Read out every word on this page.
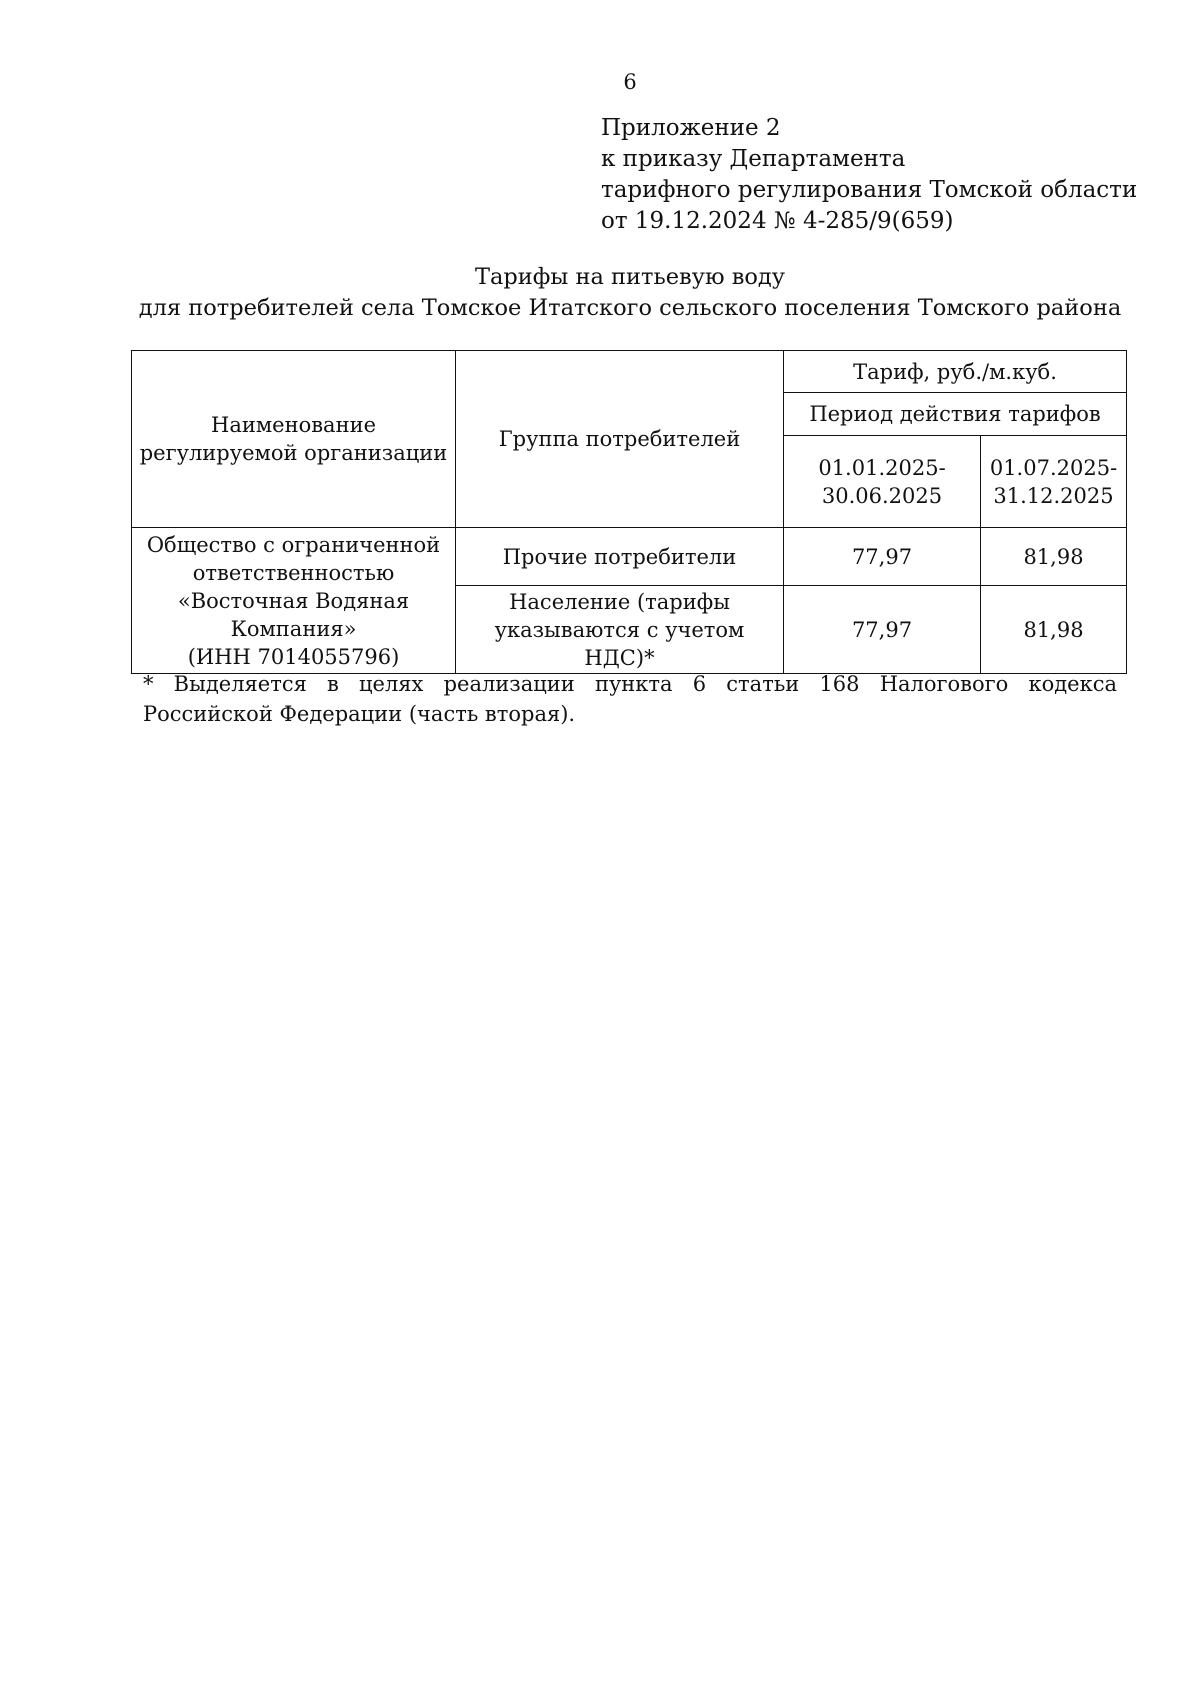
6
Приложение 2
к приказу Департамента
тарифного регулирования Томской области
от 19.12.2024 № 4-285/9(659)
Тарифы на питьевую воду
для потребителей села Томское Итатского сельского поселения Томского района
Наименование регулируемой организации	Группа потребителей	Тариф, руб./м.куб.	
		Период действия тарифов	
		01.01.2025-30.06.2025	01.07.2025-31.12.2025

Общество с ограниченной ответственностью
«Восточная Водяная Компания»
(ИНН 7014055796)	Прочие потребители	77,97	81,98
	Население (тарифы указываются с учетом НДС)*	77,97	81,98
* Выделяется в целях реализации пункта 6 статьи 168 Налогового кодекса Российской Федерации (часть вторая).
